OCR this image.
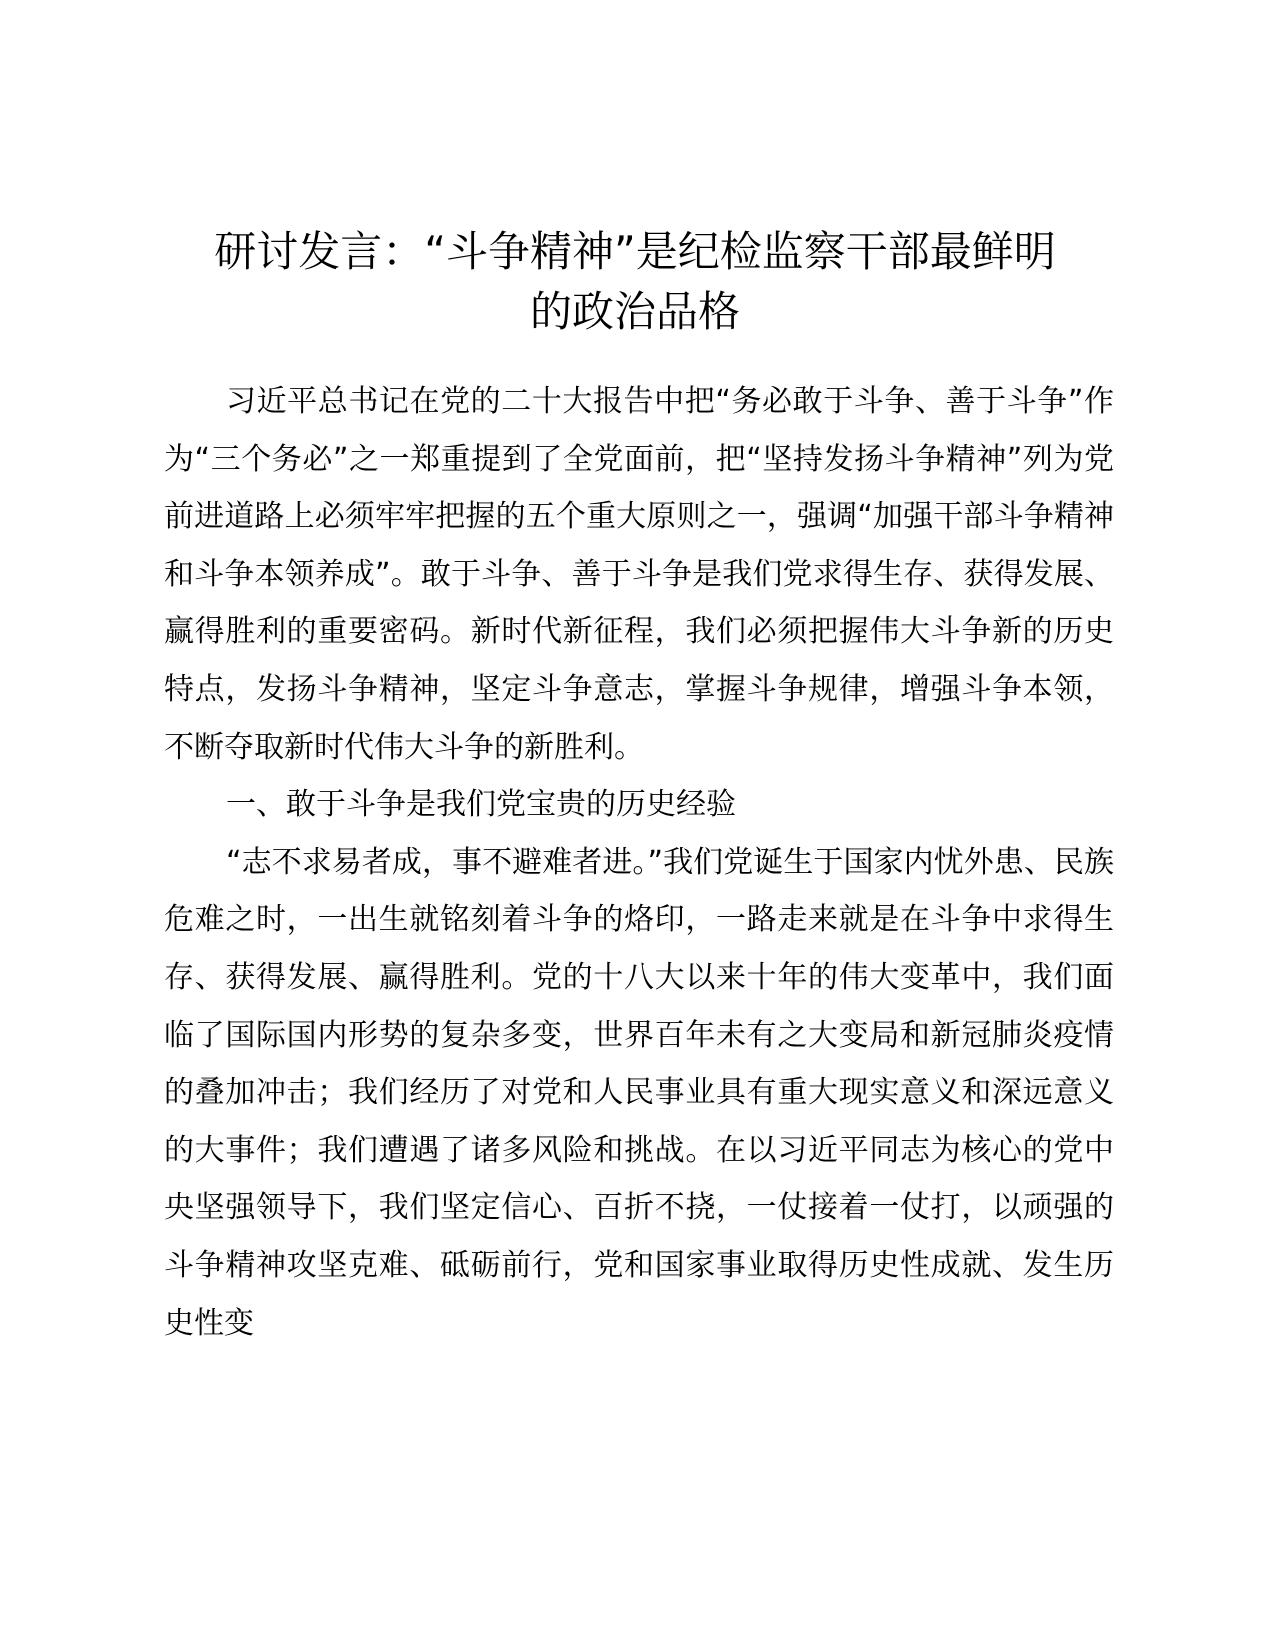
研讨发言：“斗争精神”是纪检监察干部最鲜明
的政治品格

习近平总书记在党的二十大报告中把“务必敢于斗争、善于斗争”作为“三个务必”之一郑重提到了全党面前，把“坚持发扬斗争精神”列为党前进道路上必须牢牢把握的五个重大原则之一，强调“加强干部斗争精神和斗争本领养成”。敢于斗争、善于斗争是我们党求得生存、获得发展、赢得胜利的重要密码。新时代新征程，我们必须把握伟大斗争新的历史特点，发扬斗争精神，坚定斗争意志，掌握斗争规律，增强斗争本领，不断夺取新时代伟大斗争的新胜利。

一、敢于斗争是我们党宝贵的历史经验

“志不求易者成，事不避难者进。”我们党诞生于国家内忧外患、民族危难之时，一出生就铭刻着斗争的烙印，一路走来就是在斗争中求得生存、获得发展、赢得胜利。党的十八大以来十年的伟大变革中，我们面临了国际国内形势的复杂多变，世界百年未有之大变局和新冠肺炎疫情的叠加冲击；我们经历了对党和人民事业具有重大现实意义和深远意义的大事件；我们遭遇了诸多风险和挑战。在以习近平同志为核心的党中央坚强领导下，我们坚定信心、百折不挠，一仗接着一仗打，以顽强的斗争精神攻坚克难、砥砺前行，党和国家事业取得历史性成就、发生历史性变
